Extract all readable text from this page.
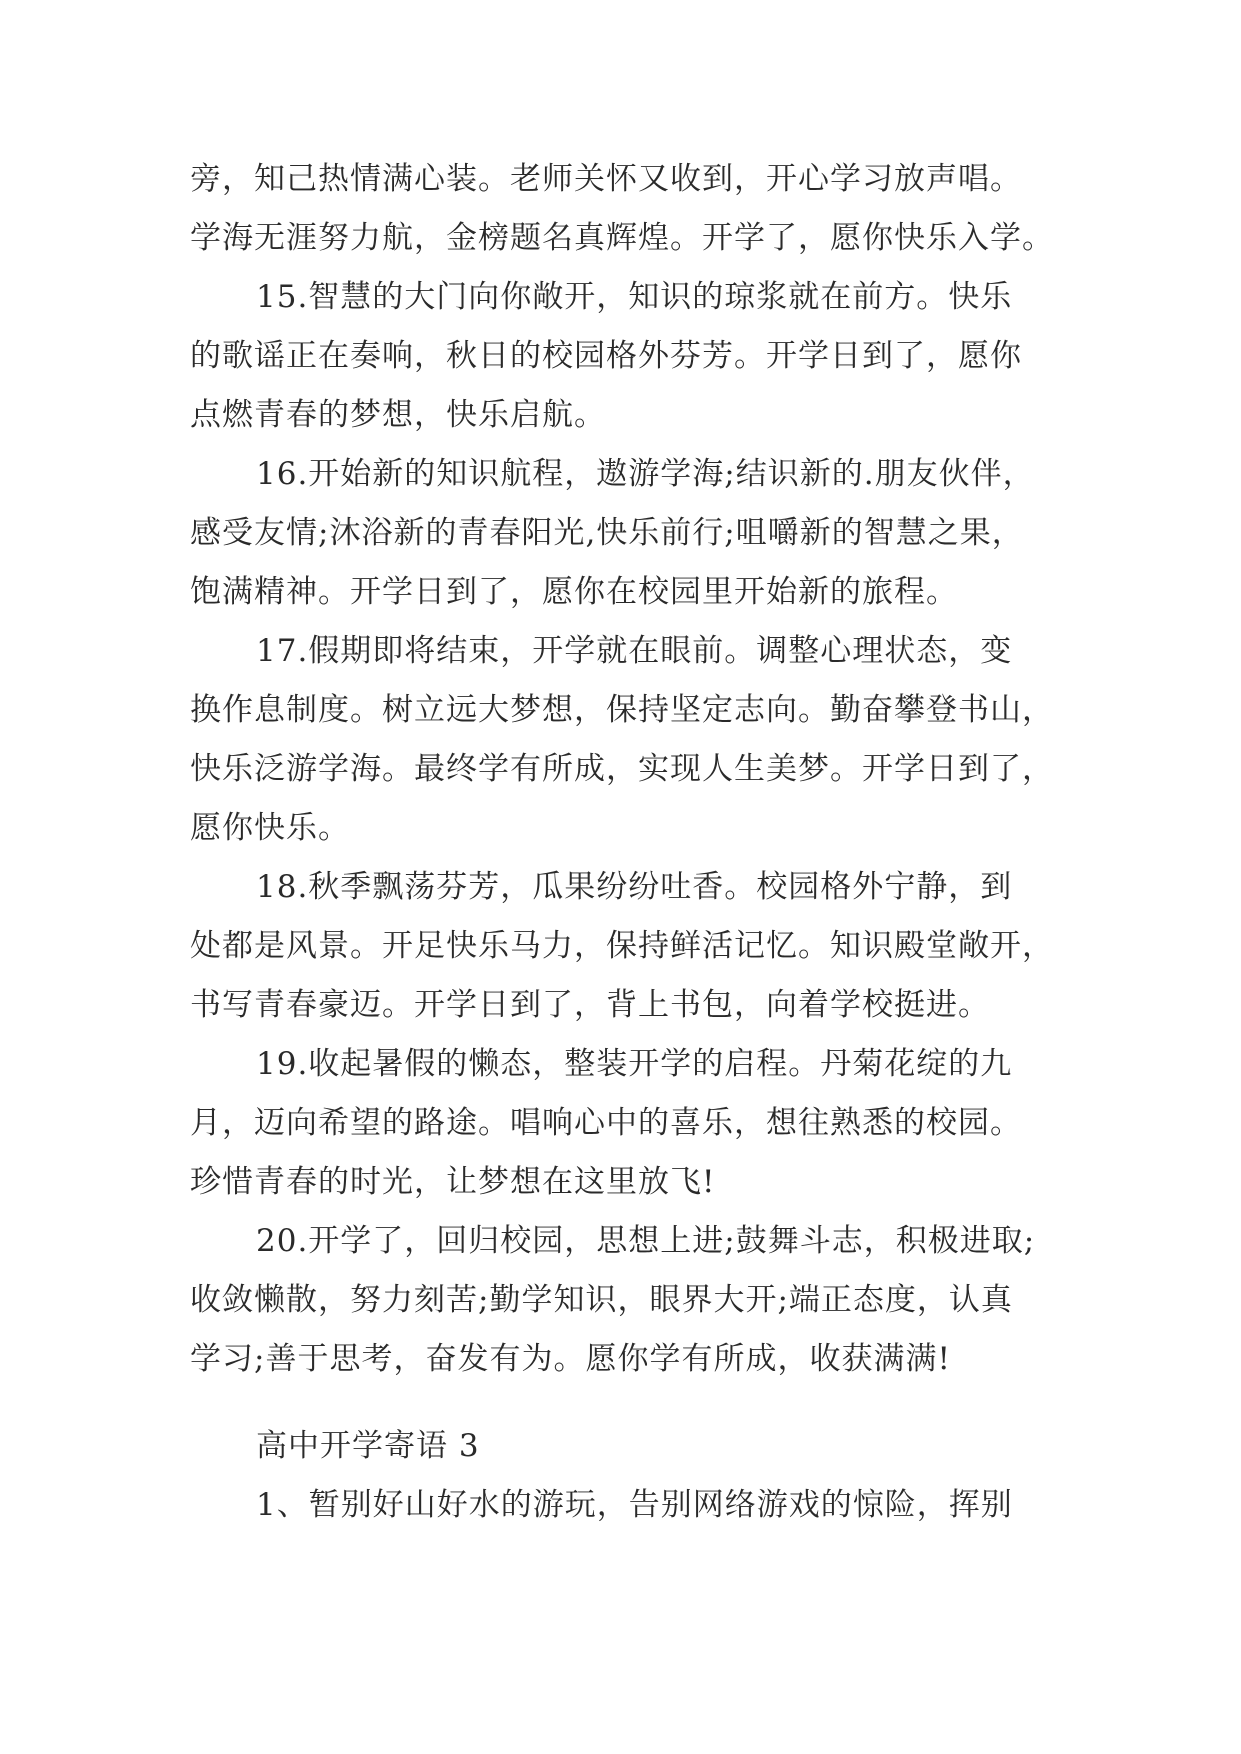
旁，知己热情满心装。老师关怀又收到，开心学习放声唱。
学海无涯努力航，金榜题名真辉煌。开学了，愿你快乐入学。
15.智慧的大门向你敞开，知识的琼浆就在前方。快乐
的歌谣正在奏响，秋日的校园格外芬芳。开学日到了，愿你
点燃青春的梦想，快乐启航。
16.开始新的知识航程，遨游学海;结识新的.朋友伙伴，
感受友情;沐浴新的青春阳光,快乐前行;咀嚼新的智慧之果，
饱满精神。开学日到了，愿你在校园里开始新的旅程。
17.假期即将结束，开学就在眼前。调整心理状态，变
换作息制度。树立远大梦想，保持坚定志向。勤奋攀登书山，
快乐泛游学海。最终学有所成，实现人生美梦。开学日到了，
愿你快乐。
18.秋季飘荡芬芳，瓜果纷纷吐香。校园格外宁静，到
处都是风景。开足快乐马力，保持鲜活记忆。知识殿堂敞开，
书写青春豪迈。开学日到了，背上书包，向着学校挺进。
19.收起暑假的懒态，整装开学的启程。丹菊花绽的九
月，迈向希望的路途。唱响心中的喜乐，想往熟悉的校园。
珍惜青春的时光，让梦想在这里放飞!
20.开学了，回归校园，思想上进;鼓舞斗志，积极进取;
收敛懒散，努力刻苦;勤学知识，眼界大开;端正态度，认真
学习;善于思考，奋发有为。愿你学有所成，收获满满!
高中开学寄语 3
1、暂别好山好水的游玩，告别网络游戏的惊险，挥别
